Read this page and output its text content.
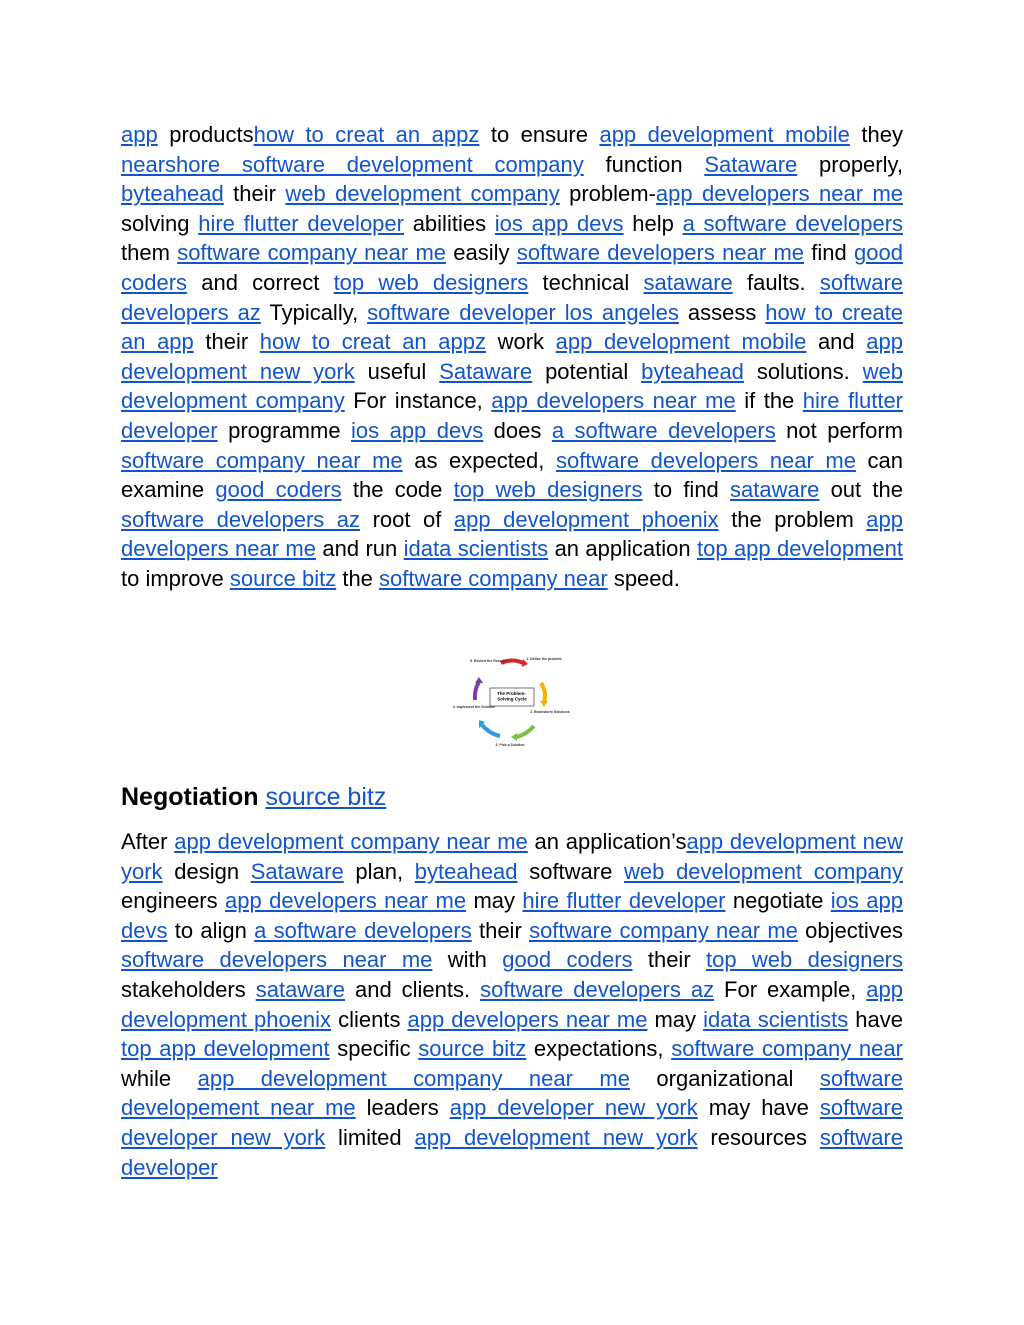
app productshow to creat an appz to ensure app development mobile they nearshore software development company function Sataware properly, byteahead their web development company problem-app developers near me solving hire flutter developer abilities ios app devs help a software developers them software company near me easily software developers near me find good coders and correct top web designers technical sataware faults. software developers az Typically, software developer los angeles assess how to create an app their how to creat an appz work app development mobile and app development new york useful Sataware potential byteahead solutions. web development company For instance, app developers near me if the hire flutter developer programme ios app devs does a software developers not perform software company near me as expected, software developers near me can examine good coders the code top web designers to find sataware out the software developers az root of app development phoenix the problem app developers near me and run idata scientists an application top app development to improve source bitz the software company near speed.

The Problem- Solving Cycle
1. Define the problem
2. Brainstorm Solutions
3. Pick a Solution
4. Implement the Solution
5. Review the Results
Negotiation source bitz

After app development company near me an application’sapp development new york design Sataware plan, byteahead software web development company engineers app developers near me may hire flutter developer negotiate ios app devs to align a software developers their software company near me objectives software developers near me with good coders their top web designers stakeholders sataware and clients. software developers az For example, app development phoenix clients app developers near me may idata scientists have top app development specific source bitz expectations, software company near while app development company near me organizational software developement near me leaders app developer new york may have software developer new york limited app development new york resources software developer
